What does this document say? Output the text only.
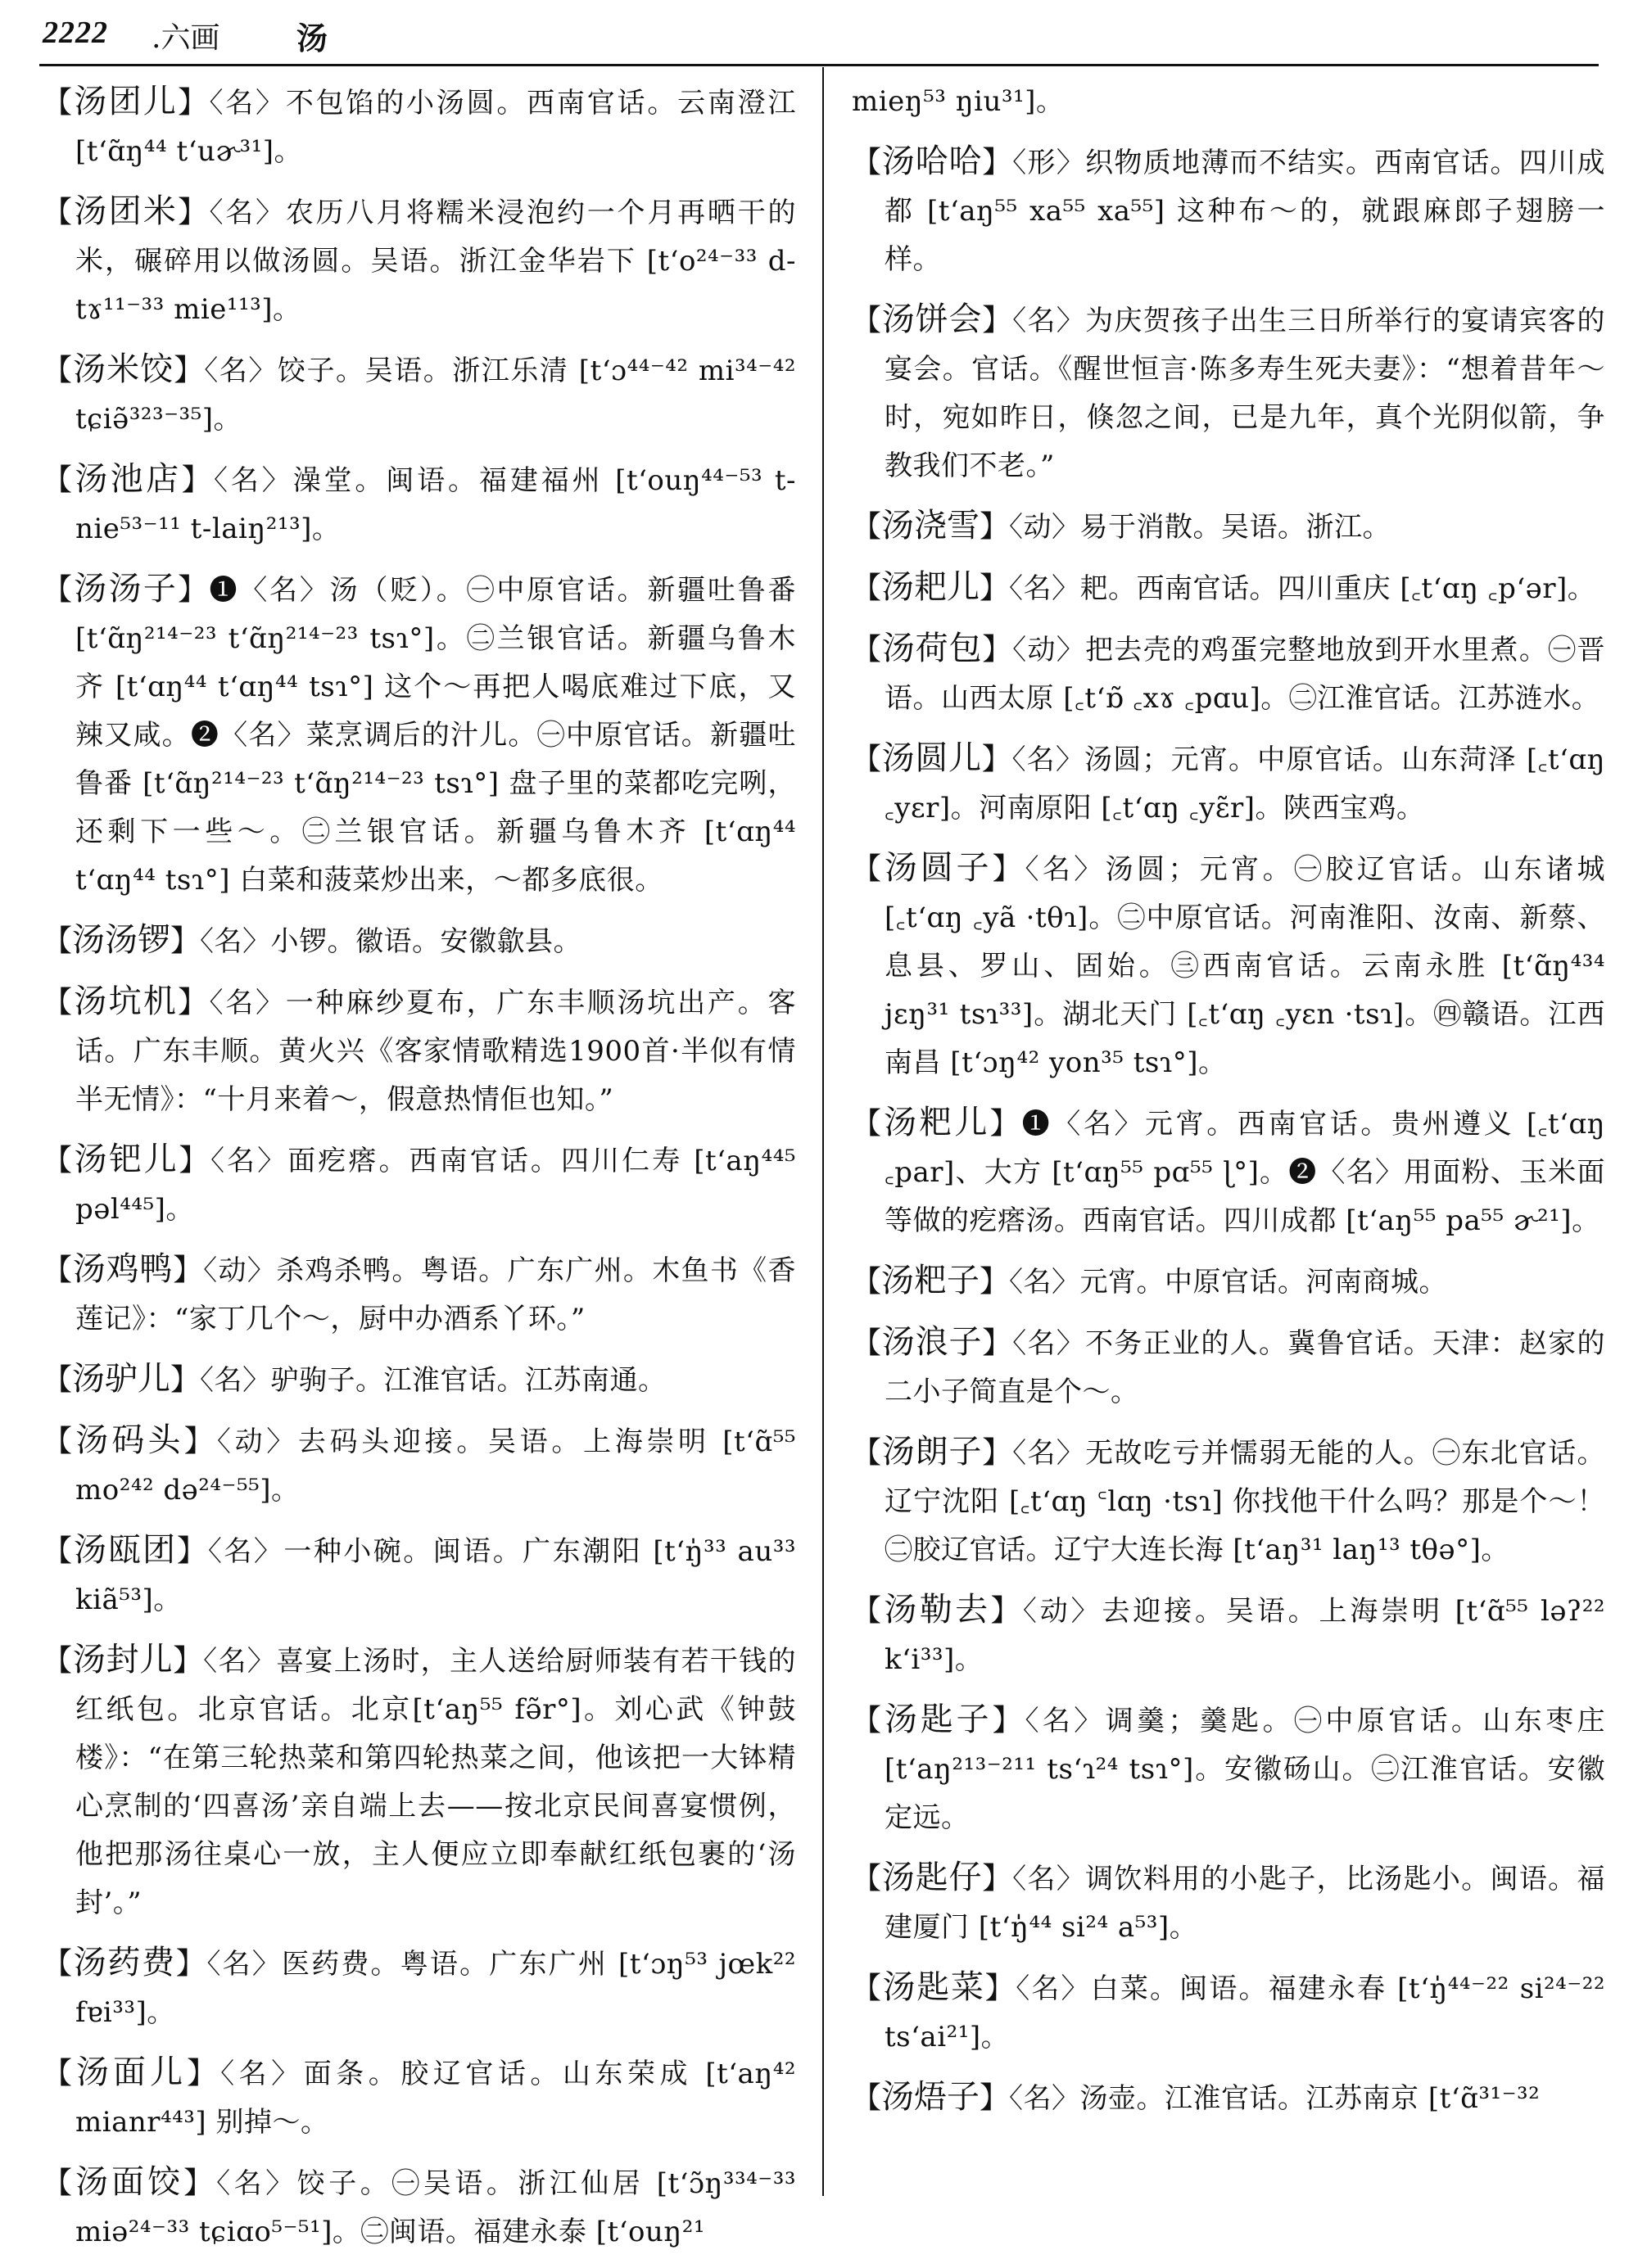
2222 .六画 汤
【汤团儿】〈名〉不包馅的小汤圆。西南官话。云南澄江 [t‘ɑ̃ŋ⁴⁴ t‘uɚ³¹]。
【汤团米】〈名〉农历八月将糯米浸泡约一个月再晒干的米，碾碎用以做汤圆。吴语。浙江金华岩下 [t‘o²⁴⁻³³ d-tɤ¹¹⁻³³ mie¹¹³]。
【汤米饺】〈名〉饺子。吴语。浙江乐清 [t‘ɔ⁴⁴⁻⁴² mi³⁴⁻⁴² tɕiə̃³²³⁻³⁵]。
【汤池店】〈名〉澡堂。闽语。福建福州 [t‘ouŋ⁴⁴⁻⁵³ t-nie⁵³⁻¹¹ t-laiŋ²¹³]。
【汤汤子】❶〈名〉汤（贬）。㊀中原官话。新疆吐鲁番 [t‘ɑ̃ŋ²¹⁴⁻²³ t‘ɑ̃ŋ²¹⁴⁻²³ tsɿ°]。㊁兰银官话。新疆乌鲁木齐 [t‘ɑŋ⁴⁴ t‘ɑŋ⁴⁴ tsɿ°] 这个～再把人喝底难过下底，又辣又咸。❷〈名〉菜烹调后的汁儿。㊀中原官话。新疆吐鲁番 [t‘ɑ̃ŋ²¹⁴⁻²³ t‘ɑ̃ŋ²¹⁴⁻²³ tsɿ°] 盘子里的菜都吃完咧，还剩下一些～。㊁兰银官话。新疆乌鲁木齐 [t‘ɑŋ⁴⁴ t‘ɑŋ⁴⁴ tsɿ°] 白菜和菠菜炒出来，～都多底很。
【汤汤锣】〈名〉小锣。徽语。安徽歙县。
【汤坑机】〈名〉一种麻纱夏布，广东丰顺汤坑出产。客话。广东丰顺。黄火兴《客家情歌精选1900首·半似有情半无情》：“十月来着～，假意热情佢也知。”
【汤钯儿】〈名〉面疙瘩。西南官话。四川仁寿 [t‘aŋ⁴⁴⁵ pəl⁴⁴⁵]。
【汤鸡鸭】〈动〉杀鸡杀鸭。粤语。广东广州。木鱼书《香莲记》：“家丁几个～，厨中办酒系丫环。”
【汤驴儿】〈名〉驴驹子。江淮官话。江苏南通。
【汤码头】〈动〉去码头迎接。吴语。上海崇明 [t‘ɑ̃⁵⁵ mo²⁴² də²⁴⁻⁵⁵]。
【汤瓯团】〈名〉一种小碗。闽语。广东潮阳 [t‘ŋ̍³³ au³³ kiã⁵³]。
【汤封儿】〈名〉喜宴上汤时，主人送给厨师装有若干钱的红纸包。北京官话。北京[t‘aŋ⁵⁵ fə̃r°]。刘心武《钟鼓楼》：“在第三轮热菜和第四轮热菜之间，他该把一大钵精心烹制的‘四喜汤’亲自端上去——按北京民间喜宴惯例，他把那汤往桌心一放，主人便应立即奉献红纸包裹的‘汤封’。”
【汤药费】〈名〉医药费。粤语。广东广州 [t‘ɔŋ⁵³ jœk²² fɐi³³]。
【汤面儿】〈名〉面条。胶辽官话。山东荣成 [t‘aŋ⁴² mianr⁴⁴³] 别掉～。
【汤面饺】〈名〉饺子。㊀吴语。浙江仙居 [t‘ɔ̃ŋ³³⁴⁻³³ miə²⁴⁻³³ tɕiɑo⁵⁻⁵¹]。㊁闽语。福建永泰 [t‘ouŋ²¹
mieŋ⁵³ ŋiu³¹]。
【汤哈哈】〈形〉织物质地薄而不结实。西南官话。四川成都 [t‘aŋ⁵⁵ xa⁵⁵ xa⁵⁵] 这种布～的，就跟麻郎子翅膀一样。
【汤饼会】〈名〉为庆贺孩子出生三日所举行的宴请宾客的宴会。官话。《醒世恒言·陈多寿生死夫妻》：“想着昔年～时，宛如昨日，倏忽之间，已是九年，真个光阴似箭，争教我们不老。”
【汤浇雪】〈动〉易于消散。吴语。浙江。
【汤耙儿】〈名〉耙。西南官话。四川重庆 [꜀t‘ɑŋ ꜀p‘ər]。
【汤荷包】〈动〉把去壳的鸡蛋完整地放到开水里煮。㊀晋语。山西太原 [꜀t‘ɒ̃ ꜀xɤ ꜀pɑu]。㊁江淮官话。江苏涟水。
【汤圆儿】〈名〉汤圆；元宵。中原官话。山东菏泽 [꜀t‘ɑŋ ꜀yɛr]。河南原阳 [꜀t‘ɑŋ ꜀yɛ̃r]。陕西宝鸡。
【汤圆子】〈名〉汤圆；元宵。㊀胶辽官话。山东诸城 [꜀t‘ɑŋ ꜀yã ·tθɿ]。㊁中原官话。河南淮阳、汝南、新蔡、息县、罗山、固始。㊂西南官话。云南永胜 [t‘ɑ̃ŋ⁴³⁴ jɛŋ³¹ tsɿ³³]。湖北天门 [꜀t‘ɑŋ ꜀yɛn ·tsɿ]。㊃赣语。江西南昌 [t‘ɔŋ⁴² yon³⁵ tsɿ°]。
【汤粑儿】❶〈名〉元宵。西南官话。贵州遵义 [꜀t‘ɑŋ ꜀par]、大方 [t‘ɑŋ⁵⁵ pɑ⁵⁵ ɭ°]。❷〈名〉用面粉、玉米面等做的疙瘩汤。西南官话。四川成都 [t‘aŋ⁵⁵ pa⁵⁵ ɚ²¹]。
【汤粑子】〈名〉元宵。中原官话。河南商城。
【汤浪子】〈名〉不务正业的人。冀鲁官话。天津：赵家的二小子简直是个～。
【汤朗子】〈名〉无故吃亏并懦弱无能的人。㊀东北官话。辽宁沈阳 [꜀t‘ɑŋ ꜂lɑŋ ·tsɿ] 你找他干什么吗？那是个～！㊁胶辽官话。辽宁大连长海 [t‘aŋ³¹ laŋ¹³ tθə°]。
【汤勒去】〈动〉去迎接。吴语。上海崇明 [t‘ɑ̃⁵⁵ ləʔ²² k‘i³³]。
【汤匙子】〈名〉调羹；羹匙。㊀中原官话。山东枣庄 [t‘aŋ²¹³⁻²¹¹ ts‘ɿ²⁴ tsɿ°]。安徽砀山。㊁江淮官话。安徽定远。
【汤匙仔】〈名〉调饮料用的小匙子，比汤匙小。闽语。福建厦门 [t‘ŋ̍⁴⁴ si²⁴ a⁵³]。
【汤匙菜】〈名〉白菜。闽语。福建永春 [t‘ŋ̍⁴⁴⁻²² si²⁴⁻²² ts‘ai²¹]。
【汤焐子】〈名〉汤壶。江淮官话。江苏南京 [t‘ɑ̃³¹⁻³²
